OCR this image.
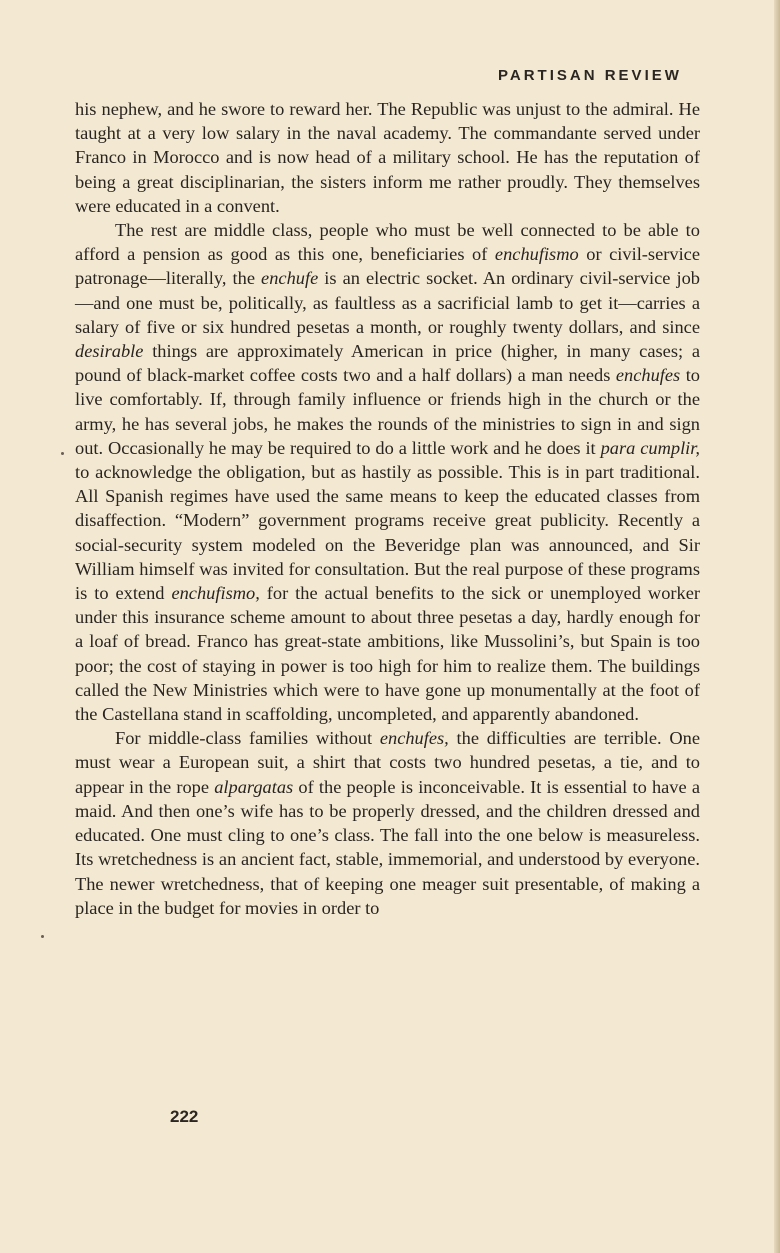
PARTISAN REVIEW

his nephew, and he swore to reward her. The Republic was unjust to the admiral. He taught at a very low salary in the naval academy. The commandante served under Franco in Morocco and is now head of a military school. He has the reputation of being a great disciplinarian, the sisters inform me rather proudly. They themselves were educated in a convent.

The rest are middle class, people who must be well connected to be able to afford a pension as good as this one, beneficiaries of enchufismo or civil-service patronage—literally, the enchufe is an electric socket. An ordinary civil-service job—and one must be, politically, as faultless as a sacrificial lamb to get it—carries a salary of five or six hundred pesetas a month, or roughly twenty dollars, and since desirable things are approximately American in price (higher, in many cases; a pound of black-market coffee costs two and a half dollars) a man needs enchufes to live comfortably. If, through family influence or friends high in the church or the army, he has several jobs, he makes the rounds of the ministries to sign in and sign out. Occasionally he may be required to do a little work and he does it para cumplir, to acknowledge the obligation, but as hastily as possible. This is in part traditional. All Spanish regimes have used the same means to keep the educated classes from disaffection. “Modern” government programs receive great publicity. Recently a social-security system modeled on the Beveridge plan was announced, and Sir William himself was invited for consultation. But the real purpose of these programs is to extend enchufismo, for the actual benefits to the sick or unemployed worker under this insurance scheme amount to about three pesetas a day, hardly enough for a loaf of bread. Franco has great-state ambitions, like Mussolini’s, but Spain is too poor; the cost of staying in power is too high for him to realize them. The buildings called the New Ministries which were to have gone up monumentally at the foot of the Castellana stand in scaffolding, uncompleted, and apparently abandoned.

For middle-class families without enchufes, the difficulties are terrible. One must wear a European suit, a shirt that costs two hundred pesetas, a tie, and to appear in the rope alpargatas of the people is inconceivable. It is essential to have a maid. And then one’s wife has to be properly dressed, and the children dressed and educated. One must cling to one’s class. The fall into the one below is measureless. Its wretchedness is an ancient fact, stable, immemorial, and understood by everyone. The newer wretchedness, that of keeping one meager suit presentable, of making a place in the budget for movies in order to

222
